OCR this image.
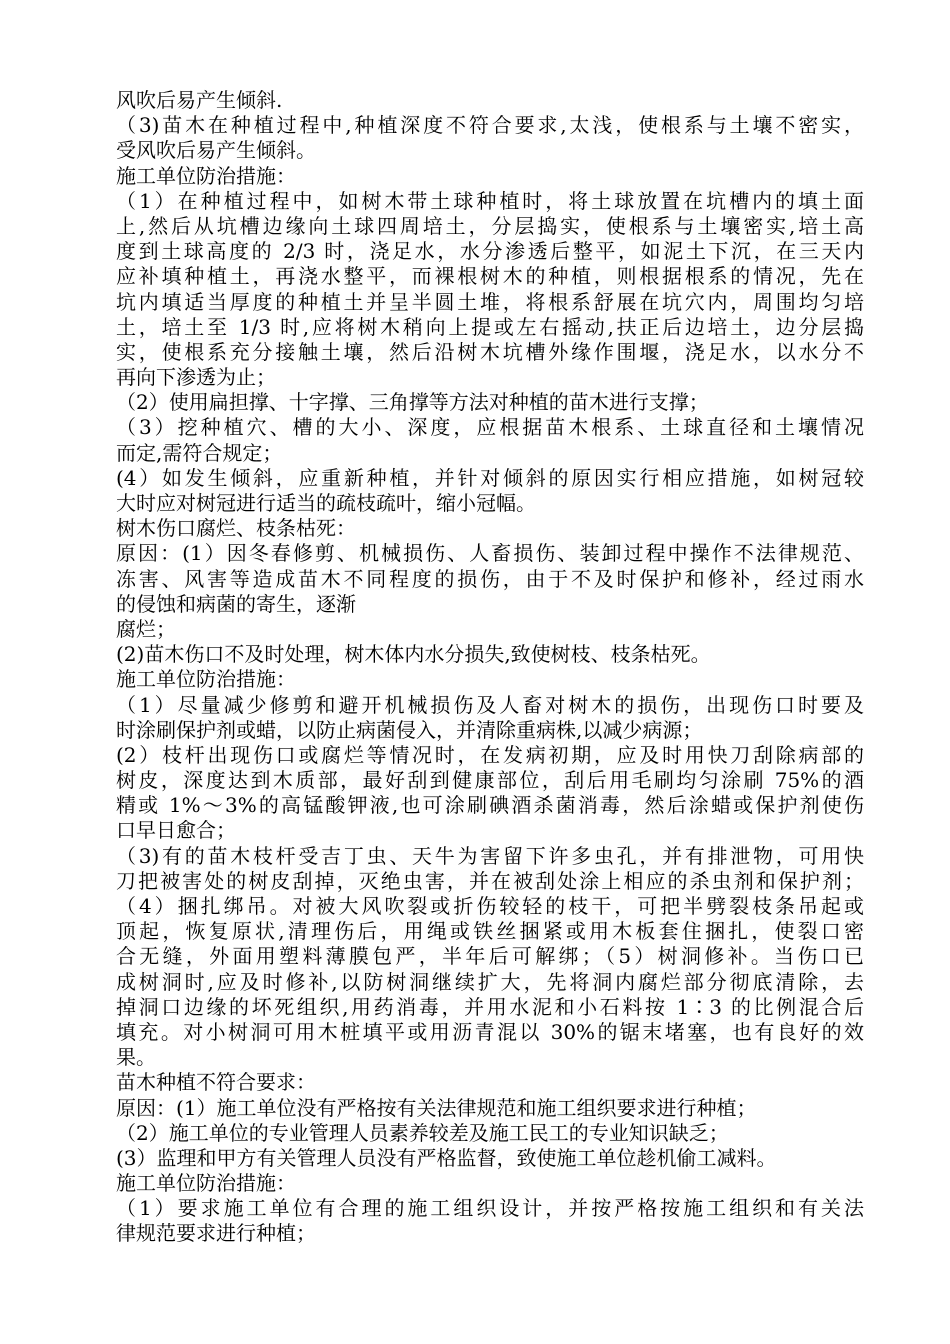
风吹后易产生倾斜.
（3)苗木在种植过程中,种植深度不符合要求,太浅，使根系与土壤不密实，
受风吹后易产生倾斜。
施工单位防治措施：
（1）在种植过程中，如树木带土球种植时，将土球放置在坑槽内的填土面
上,然后从坑槽边缘向土球四周培土，分层捣实，使根系与土壤密实,培土高
度到土球高度的 2/3 时，浇足水，水分渗透后整平，如泥土下沉，在三天内
应补填种植土，再浇水整平，而裸根树木的种植，则根据根系的情况，先在
坑内填适当厚度的种植土并呈半圆土堆，将根系舒展在坑穴内，周围均匀培
土，培土至 1/3 时,应将树木稍向上提或左右摇动,扶正后边培土，边分层捣
实，使根系充分接触土壤，然后沿树木坑槽外缘作围堰，浇足水，以水分不
再向下渗透为止；
（2）使用扁担撑、十字撑、三角撑等方法对种植的苗木进行支撑；
（3）挖种植穴、槽的大小、深度，应根据苗木根系、土球直径和土壤情况
而定,需符合规定；
(4）如发生倾斜，应重新种植，并针对倾斜的原因实行相应措施，如树冠较
大时应对树冠进行适当的疏枝疏叶，缩小冠幅。
树木伤口腐烂、枝条枯死：
原因：(1）因冬春修剪、机械损伤、人畜损伤、装卸过程中操作不法律规范、
冻害、风害等造成苗木不同程度的损伤，由于不及时保护和修补，经过雨水
的侵蚀和病菌的寄生，逐渐
腐烂；
(2)苗木伤口不及时处理，树木体内水分损失,致使树枝、枝条枯死。
施工单位防治措施：
（1）尽量减少修剪和避开机械损伤及人畜对树木的损伤，出现伤口时要及
时涂刷保护剂或蜡，以防止病菌侵入，并清除重病株,以减少病源；
(2）枝杆出现伤口或腐烂等情况时，在发病初期，应及时用快刀刮除病部的
树皮，深度达到木质部，最好刮到健康部位，刮后用毛刷均匀涂刷 75%的酒
精或 1%～3%的高锰酸钾液,也可涂刷碘酒杀菌消毒，然后涂蜡或保护剂使伤
口早日愈合；
（3)有的苗木枝杆受吉丁虫、天牛为害留下许多虫孔，并有排泄物，可用快
刀把被害处的树皮刮掉，灭绝虫害，并在被刮处涂上相应的杀虫剂和保护剂；
（4）捆扎绑吊。对被大风吹裂或折伤较轻的枝干，可把半劈裂枝条吊起或
顶起，恢复原状,清理伤后，用绳或铁丝捆紧或用木板套住捆扎，使裂口密
合无缝，外面用塑料薄膜包严，半年后可解绑；（5）树洞修补。当伤口已
成树洞时,应及时修补,以防树洞继续扩大，先将洞内腐烂部分彻底清除，去
掉洞口边缘的坏死组织,用药消毒，并用水泥和小石料按 1∶3 的比例混合后
填充。对小树洞可用木桩填平或用沥青混以 30%的锯末堵塞，也有良好的效
果。
苗木种植不符合要求：
原因：(1）施工单位没有严格按有关法律规范和施工组织要求进行种植；
（2）施工单位的专业管理人员素养较差及施工民工的专业知识缺乏；
(3）监理和甲方有关管理人员没有严格监督，致使施工单位趁机偷工减料。
施工单位防治措施：
（1）要求施工单位有合理的施工组织设计，并按严格按施工组织和有关法
律规范要求进行种植；
